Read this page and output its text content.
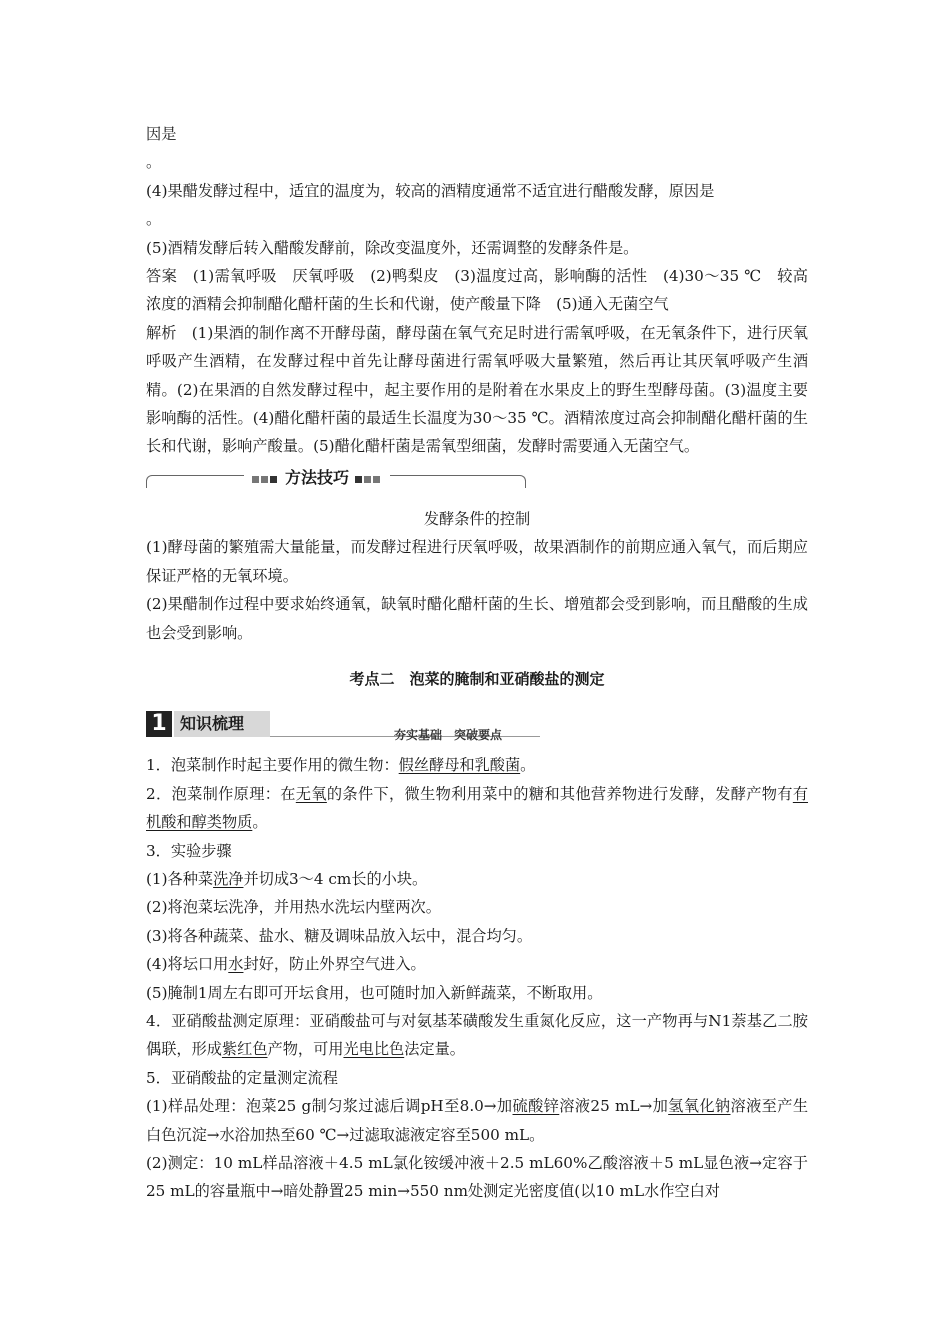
因是

。

(4)果醋发酵过程中，适宜的温度为，较高的酒精度通常不适宜进行醋酸发酵，原因是

。

(5)酒精发酵后转入醋酸发酵前，除改变温度外，还需调整的发酵条件是。

答案　(1)需氧呼吸　厌氧呼吸　(2)鸭梨皮　(3)温度过高，影响酶的活性　(4)30～35 ℃　较高浓度的酒精会抑制醋化醋杆菌的生长和代谢，使产酸量下降　(5)通入无菌空气

解析　(1)果酒的制作离不开酵母菌，酵母菌在氧气充足时进行需氧呼吸，在无氧条件下，进行厌氧呼吸产生酒精，在发酵过程中首先让酵母菌进行需氧呼吸大量繁殖，然后再让其厌氧呼吸产生酒精。(2)在果酒的自然发酵过程中，起主要作用的是附着在水果皮上的野生型酵母菌。(3)温度主要影响酶的活性。(4)醋化醋杆菌的最适生长温度为30～35 ℃。酒精浓度过高会抑制醋化醋杆菌的生长和代谢，影响产酸量。(5)醋化醋杆菌是需氧型细菌，发酵时需要通入无菌空气。

方法技巧

发酵条件的控制

(1)酵母菌的繁殖需大量能量，而发酵过程进行厌氧呼吸，故果酒制作的前期应通入氧气，而后期应保证严格的无氧环境。

(2)果醋制作过程中要求始终通氧，缺氧时醋化醋杆菌的生长、增殖都会受到影响，而且醋酸的生成也会受到影响。

考点二　泡菜的腌制和亚硝酸盐的测定
1 知识梳理
夯实基础　突破要点

1．泡菜制作时起主要作用的微生物：假丝酵母和乳酸菌。

2．泡菜制作原理：在无氧的条件下，微生物利用菜中的糖和其他营养物进行发酵，发酵产物有有机酸和醇类物质。

3．实验步骤

(1)各种菜洗净并切成3～4 cm长的小块。

(2)将泡菜坛洗净，并用热水洗坛内壁两次。

(3)将各种蔬菜、盐水、糖及调味品放入坛中，混合均匀。

(4)将坛口用水封好，防止外界空气进入。

(5)腌制1周左右即可开坛食用，也可随时加入新鲜蔬菜，不断取用。

4．亚硝酸盐测定原理：亚硝酸盐可与对氨基苯磺酸发生重氮化反应，这一产物再与N1萘基乙二胺偶联，形成紫红色产物，可用光电比色法定量。

5．亚硝酸盐的定量测定流程

(1)样品处理：泡菜25 g制匀浆过滤后调pH至8.0→加硫酸锌溶液25 mL→加氢氧化钠溶液至产生白色沉淀→水浴加热至60 ℃→过滤取滤液定容至500 mL。

(2)测定：10 mL样品溶液＋4.5 mL氯化铵缓冲液＋2.5 mL60%乙酸溶液＋5 mL显色液→定容于25 mL的容量瓶中→暗处静置25 min→550 nm处测定光密度值(以10 mL水作空白对
